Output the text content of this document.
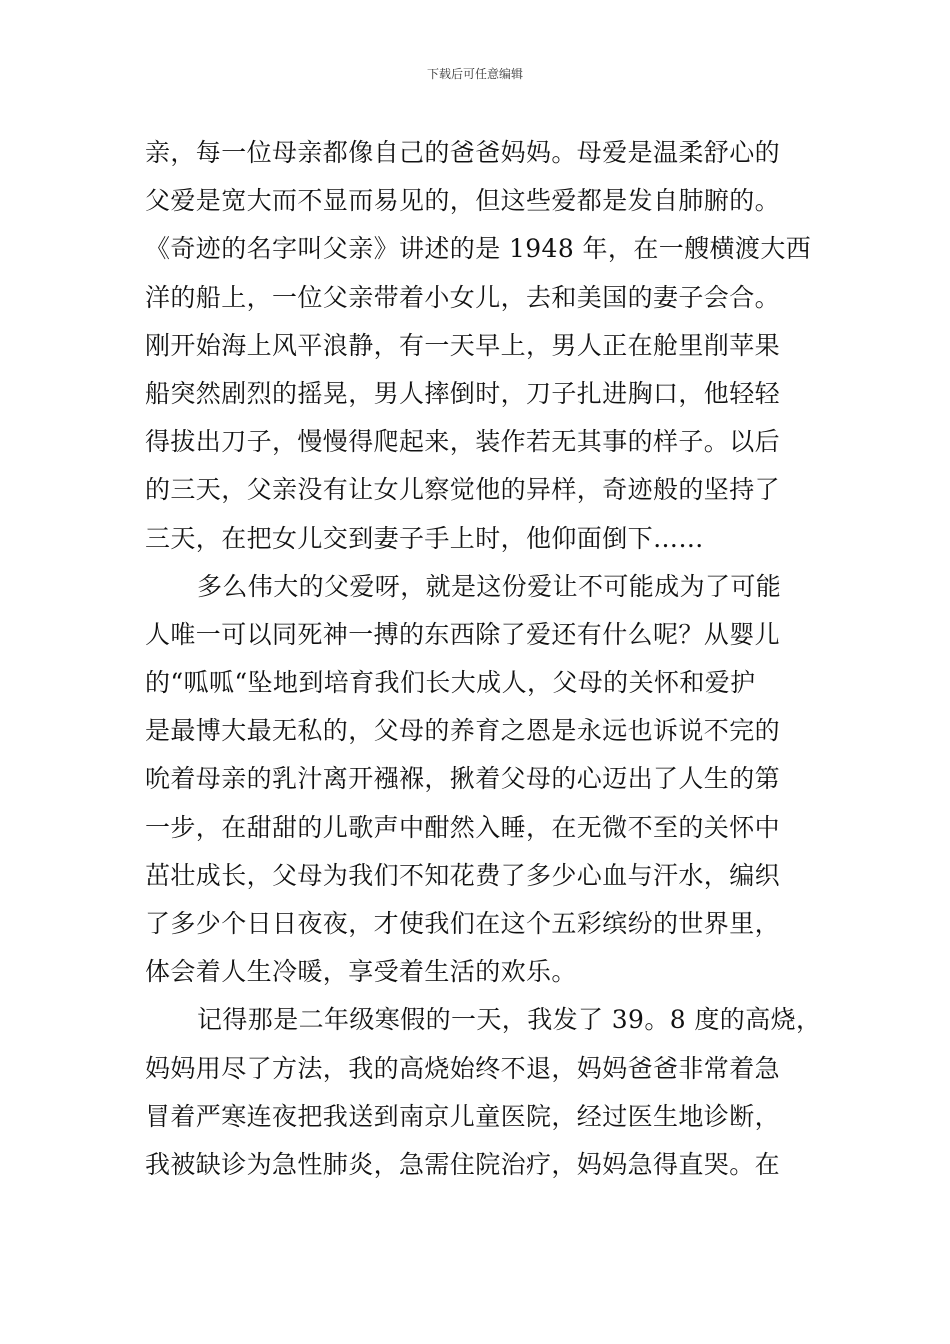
下载后可任意编辑
亲，每一位母亲都像自己的爸爸妈妈。母爱是温柔舒心的
父爱是宽大而不显而易见的，但这些爱都是发自肺腑的。
《奇迹的名字叫父亲》讲述的是 1948 年，在一艘横渡大西
洋的船上，一位父亲带着小女儿，去和美国的妻子会合。
刚开始海上风平浪静，有一天早上，男人正在舱里削苹果
船突然剧烈的摇晃，男人摔倒时，刀子扎进胸口，他轻轻
得拔出刀子，慢慢得爬起来，装作若无其事的样子。以后
的三天，父亲没有让女儿察觉他的异样，奇迹般的坚持了
三天，在把女儿交到妻子手上时，他仰面倒下……
多么伟大的父爱呀，就是这份爱让不可能成为了可能
人唯一可以同死神一搏的东西除了爱还有什么呢？从婴儿
的“呱呱“坠地到培育我们长大成人，父母的关怀和爱护
是最博大最无私的，父母的养育之恩是永远也诉说不完的
吮着母亲的乳汁离开襁褓，揪着父母的心迈出了人生的第
一步，在甜甜的儿歌声中酣然入睡，在无微不至的关怀中
茁壮成长，父母为我们不知花费了多少心血与汗水，编织
了多少个日日夜夜，才使我们在这个五彩缤纷的世界里，
体会着人生冷暖，享受着生活的欢乐。
记得那是二年级寒假的一天，我发了 39。8 度的高烧，
妈妈用尽了方法，我的高烧始终不退，妈妈爸爸非常着急
冒着严寒连夜把我送到南京儿童医院，经过医生地诊断，
我被缺诊为急性肺炎，急需住院治疗，妈妈急得直哭。在
